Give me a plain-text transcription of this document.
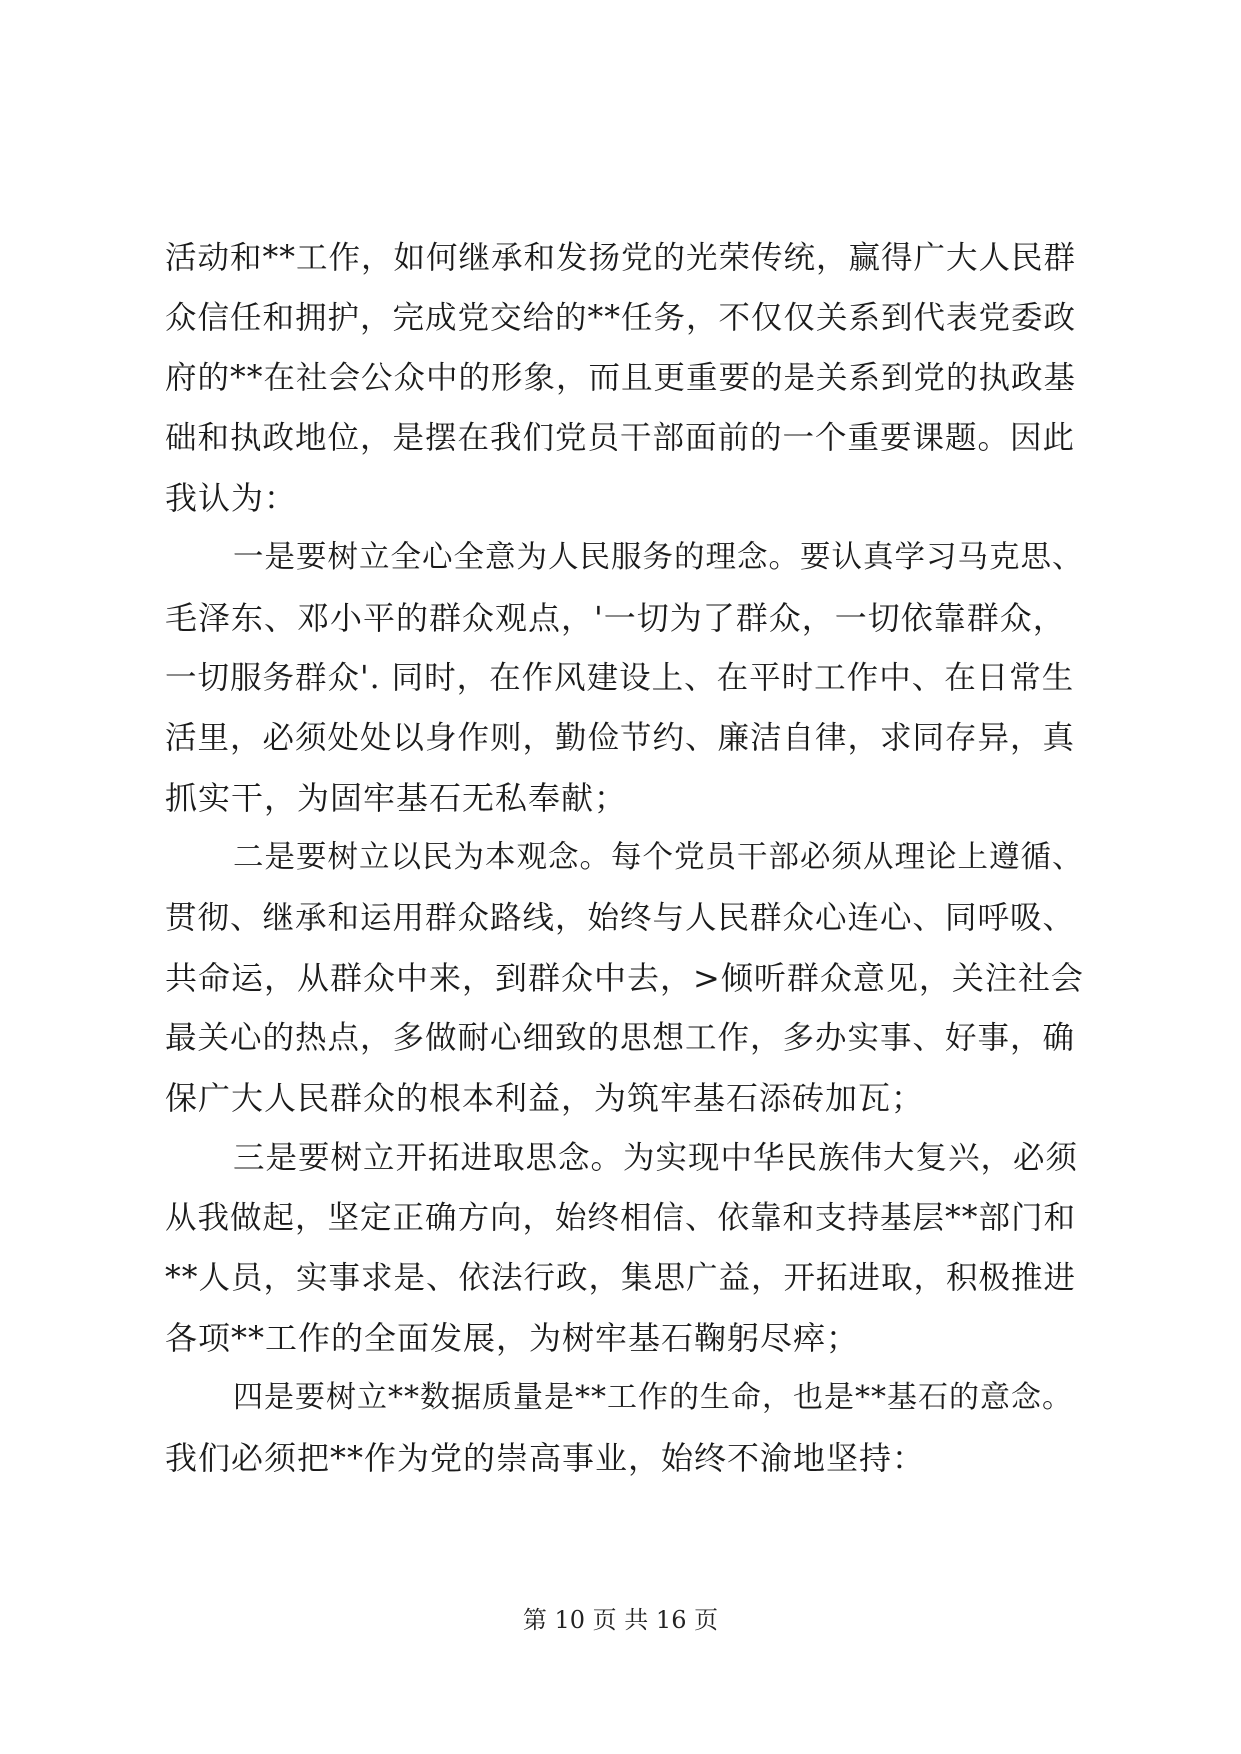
活动和**工作，如何继承和发扬党的光荣传统，赢得广大人民群
众信任和拥护，完成党交给的**任务，不仅仅关系到代表党委政
府的**在社会公众中的形象，而且更重要的是关系到党的执政基
础和执政地位，是摆在我们党员干部面前的一个重要课题。因此
我认为：
一是要树立全心全意为人民服务的理念。要认真学习马克思、
毛泽东、邓小平的群众观点，'一切为了群众，一切依靠群众，
一切服务群众'. 同时，在作风建设上、在平时工作中、在日常生
活里，必须处处以身作则，勤俭节约、廉洁自律，求同存异，真
抓实干，为固牢基石无私奉献；
二是要树立以民为本观念。每个党员干部必须从理论上遵循、
贯彻、继承和运用群众路线，始终与人民群众心连心、同呼吸、
共命运，从群众中来，到群众中去，>倾听群众意见，关注社会
最关心的热点，多做耐心细致的思想工作，多办实事、好事，确
保广大人民群众的根本利益，为筑牢基石添砖加瓦；
三是要树立开拓进取思念。为实现中华民族伟大复兴，必须
从我做起，坚定正确方向，始终相信、依靠和支持基层**部门和
**人员，实事求是、依法行政，集思广益，开拓进取，积极推进
各项**工作的全面发展，为树牢基石鞠躬尽瘁；
四是要树立**数据质量是**工作的生命，也是**基石的意念。
我们必须把**作为党的崇高事业，始终不渝地坚持：
第 10 页 共 16 页
